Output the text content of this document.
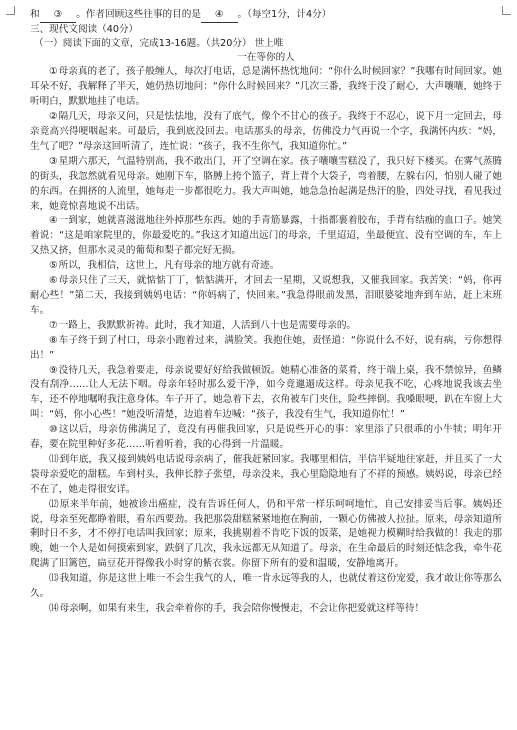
和 ③ 。作者回顾这些往事的目的是 ④ 。（每空1分，计4分）
三、现代文阅读（40分）
（一）阅读下面的文章，完成13-16题。（共20分） 世上唯
一在等你的人

①母亲真的老了，孩子般缠人，每次打电话，总是满怀热忱地问：“你什么时候回家？”我哪有时间回家。她耳朵不好，我解释了半天，她仍热切地问：“你什么时候回来？”几次三番，我终于没了耐心，大声嚷嚷，她终于听明白，默默地挂了电话。

②隔几天，母亲又问，只是怯怯地，没有了底气，像个不甘心的孩子。我终于不忍心，说下月一定回去，母亲竟高兴得哽咽起来。可最后，我到底没回去。电话那头的母亲，仿佛没力气再说一个字，我满怀内疚：“妈，生气了吧？”母亲这回听清了，连忙说：“孩子，我不生你气，我知道你忙。”

③星期六那天，气温特别高，我不敢出门，开了空调在家。孩子嚷嚷雪糕没了，我只好下楼买。在雾气蒸腾的街头，我忽然就看见母亲。她刚下车，胳膊上挎个篮子，背上背个大袋子，弯着腰，左躲右闪，怕别人碰了她的东西。在拥挤的人流里，她每走一步都很吃力。我大声叫她，她急急抬起满是热汗的脸，四处寻找，看见我过来，她竟惊喜地说不出话。

④一到家，她就喜滋滋地往外掉那些东西。她的手青筋暴露，十指都裹着胶布，手背有结痂的血口子。她笑着说：“这是咱家院里的，你最爱吃的。”我这才知道出远门的母亲，千里迢迢，坐最便宜、没有空调的车，车上又热又挤，但那水灵灵的葡萄和梨子都完好无损。

⑤所以，我相信，这世上，凡有母亲的地方就有奇迹。

⑥母亲只住了三天，就惦惦丁丁，惦惦满开，才回去一星期，又说想我，又催我回家。我苦笑：“妈，你再耐心些！”第二天，我接到姨妈电话：“你妈病了，快回来。”我急得眼前发黑，泪眼婆娑地奔到车站，赶上末班车。

⑦一路上，我默默祈祷。此时，我才知道，人活到八十也是需要母亲的。

⑧车子终于到了村口，母亲小跑着过来，满脸笑。我抱住她，责怪道：“你说什么不好，说有病，亏你想得出！”

⑨没待几天，我急着要走，母亲说要好好给我做顿饭。她精心准备的菜肴，终于端上桌，我不禁惊异，鱼鳞没有刮净……让人无法下咽。母亲年轻时那么爱干净，如今竟邋遢成这样。母亲见我不吃，心疼地说我该去坐车，还不停地嘱咐我注意身体。车子开了，她急着下去，衣角被车门夹住，险些摔倒。我嗓眼哽，趴在车窗上大叫：“妈，你小心些！”她没听清楚，边追着车边喊：“孩子，我没有生气，我知道你忙！”

⑩这以后，母亲仿佛满足了，竟没有再催我回家，只是说些开心的事：家里添了只很乖的小牛犊；明年开春，要在院里种好多花……听着听着，我的心得到一片温暖。

⑾到年底，我又接到姨妈电话说母亲病了，催我赶紧回家。我哪里相信，半信半疑地往家赶，并且买了一大袋母亲爱吃的甜糕。车到村头，我伸长脖子张望，母亲没来，我心里隐隐地有了不祥的预感。姨妈说，母亲已经不在了，她走得很安详。

⑿原来半年前，她被诊出癌症，没有告诉任何人，仍和平常一样乐呵呵地忙，自己安排妥当后事。姨妈还说，母亲至死都睁着眼，看东西要劲。我把那袋甜糕紧紧地抱在胸前，一颗心仿佛被人拉扯。原来，母亲知道所剩时日不多，才不停打电话叫我回家；原来，我挑剔着不肯吃下饭的饭菜，是她视力模糊时给我做的！我走的那晚，她一个人是如何摸索到家，跌倒了几次，我永远都无从知道了。母亲，在生命最后的时刻还惦念我，牵牛花爬满了旧篱笆，扁豆花开得像我小时穿的紫衣裳。你留下所有的爱和温暖，安静地离开。

⒀我知道，你是这世上唯一不会生我气的人，唯一肯永远等我的人，也就仗着这份宠爱，我才敢让你等那么久。

⒁母亲啊，如果有来生，我会牵着你的手，我会陪你慢慢走，不会让你把爱就这样等待！
